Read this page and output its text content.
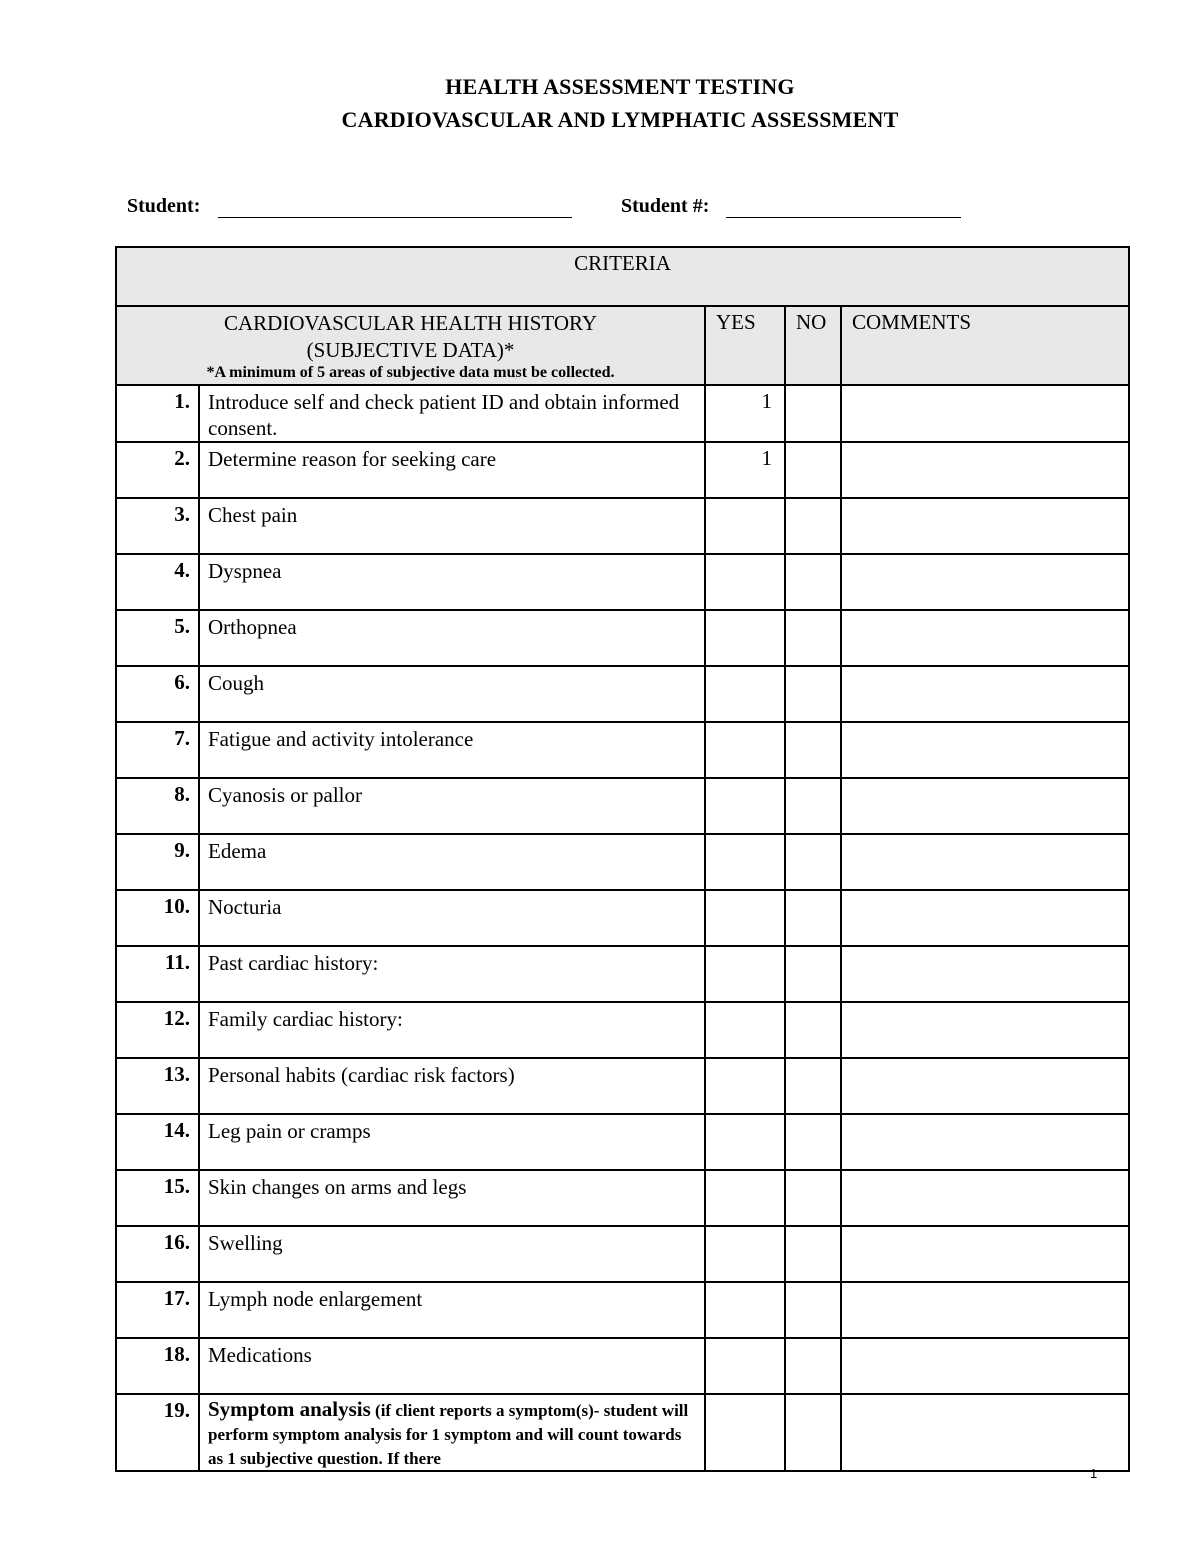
HEALTH ASSESSMENT TESTING
CARDIOVASCULAR AND LYMPHATIC ASSESSMENT
Student:	Student #:
CRITERIA				
CARDIOVASCULAR HEALTH HISTORY
(SUBJECTIVE DATA)*
*A minimum of 5 areas of subjective data must be collected.		YES	NO	COMMENTS
1.	Introduce self and check patient ID and obtain informed consent.	1		
2.	Determine reason for seeking care	1		
3.	Chest pain			
4.	Dyspnea			
5.	Orthopnea			
6.	Cough			
7.	Fatigue and activity intolerance			
8.	Cyanosis or pallor			
9.	Edema			
10.	Nocturia			
11.	Past cardiac history:			
12.	Family cardiac history:			
13.	Personal habits (cardiac risk factors)			
14.	Leg pain or cramps			
15.	Skin changes on arms and legs			
16.	Swelling			
17.	Lymph node enlargement			
18.	Medications			
19.	Symptom analysis (if client reports a symptom(s)- student will perform symptom analysis for 1 symptom and will count towards as 1 subjective question. If there			
1
